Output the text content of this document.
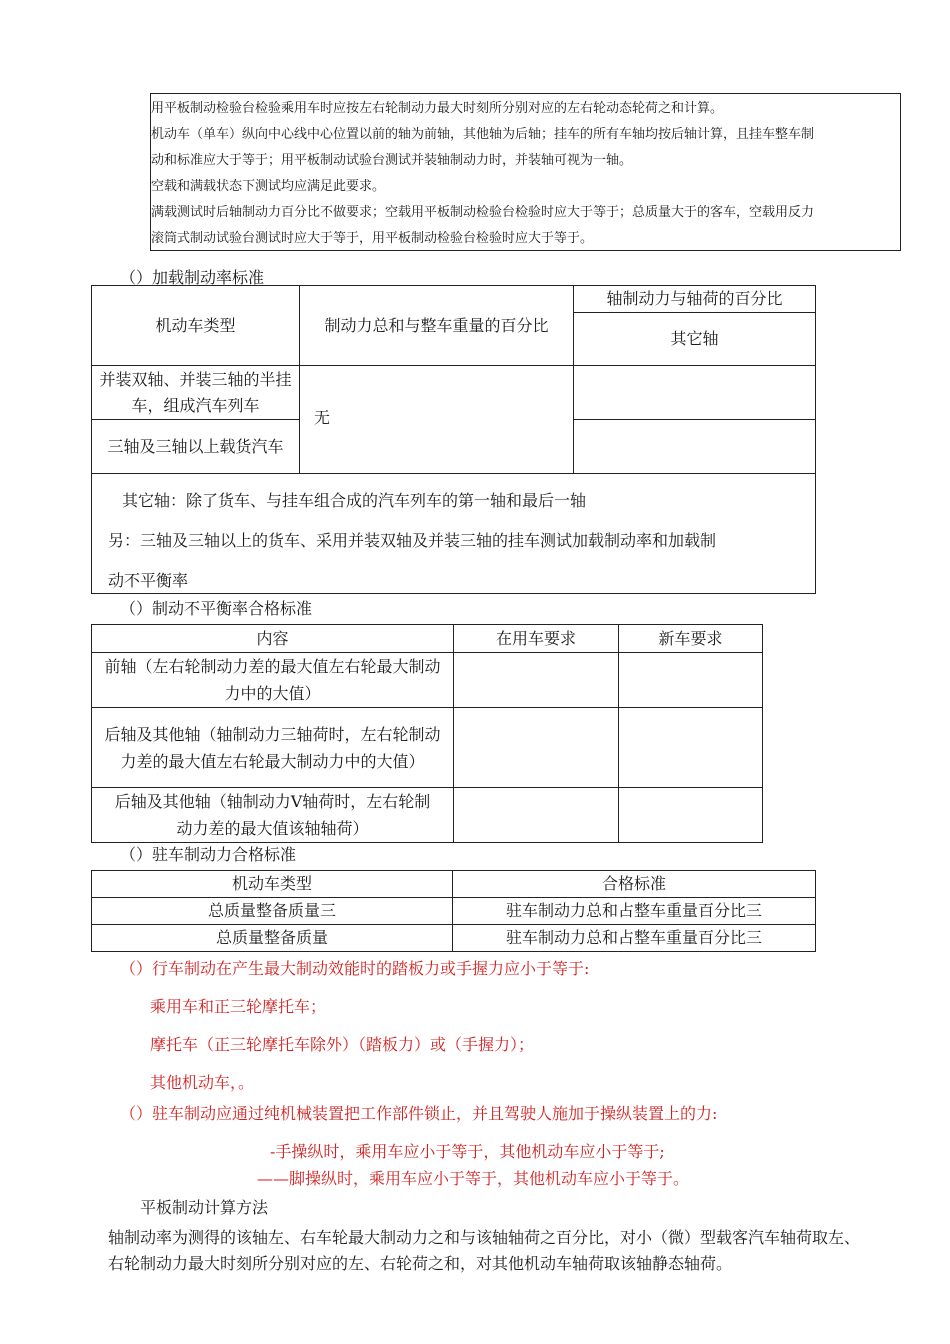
用平板制动检验台检验乘用车时应按左右轮制动力最大时刻所分别对应的左右轮动态轮荷之和计算。
机动车（单车）纵向中心线中心位置以前的轴为前轴，其他轴为后轴；挂车的所有车轴均按后轴计算，且挂车整车制
动和标准应大于等于；用平板制动试验台测试并装轴制动力时，并装轴可视为一轴。
空载和满载状态下测试均应满足此要求。
满载测试时后轴制动力百分比不做要求；空载用平板制动检验台检验时应大于等于；总质量大于的客车，空载用反力
滚筒式制动试验台测试时应大于等于，用平板制动检验台检验时应大于等于。
（）加载制动率标准
机动车类型	制动力总和与整车重量的百分比	轴制动力与轴荷的百分比
		其它轴
并装双轴、并装三轴的半挂车，组成汽车列车	无	
三轴及三轴以上载货汽车		

其它轴：除了货车、与挂车组合成的汽车列车的第一轴和最后一轴
另：三轴及三轴以上的货车、采用并装双轴及并装三轴的挂车测试加载制动率和加载制
动不平衡率		
（）制动不平衡率合格标准
内容	在用车要求	新车要求
前轴（左右轮制动力差的最大值左右轮最大制动力中的大值）		
后轴及其他轴（轴制动力三轴荷时，左右轮制动力差的最大值左右轮最大制动力中的大值）		
后轴及其他轴（轴制动力V轴荷时，左右轮制动力差的最大值该轴轴荷）		
（）驻车制动力合格标准
机动车类型	合格标准
总质量整备质量三	驻车制动力总和占整车重量百分比三
总质量整备质量	驻车制动力总和占整车重量百分比三
（）行车制动在产生最大制动效能时的踏板力或手握力应小于等于:
乘用车和正三轮摩托车；
摩托车（正三轮摩托车除外）（踏板力）或（手握力）；
其他机动车，。
（）驻车制动应通过纯机械装置把工作部件锁止，并且驾驶人施加于操纵装置上的力:
-手操纵时，乘用车应小于等于，其他机动车应小于等于;
——脚操纵时，乘用车应小于等于，其他机动车应小于等于。
平板制动计算方法
轴制动率为测得的该轴左、右车轮最大制动力之和与该轴轴荷之百分比，对小（微）型载客汽车轴荷取左、
右轮制动力最大时刻所分别对应的左、右轮荷之和，对其他机动车轴荷取该轴静态轴荷。
